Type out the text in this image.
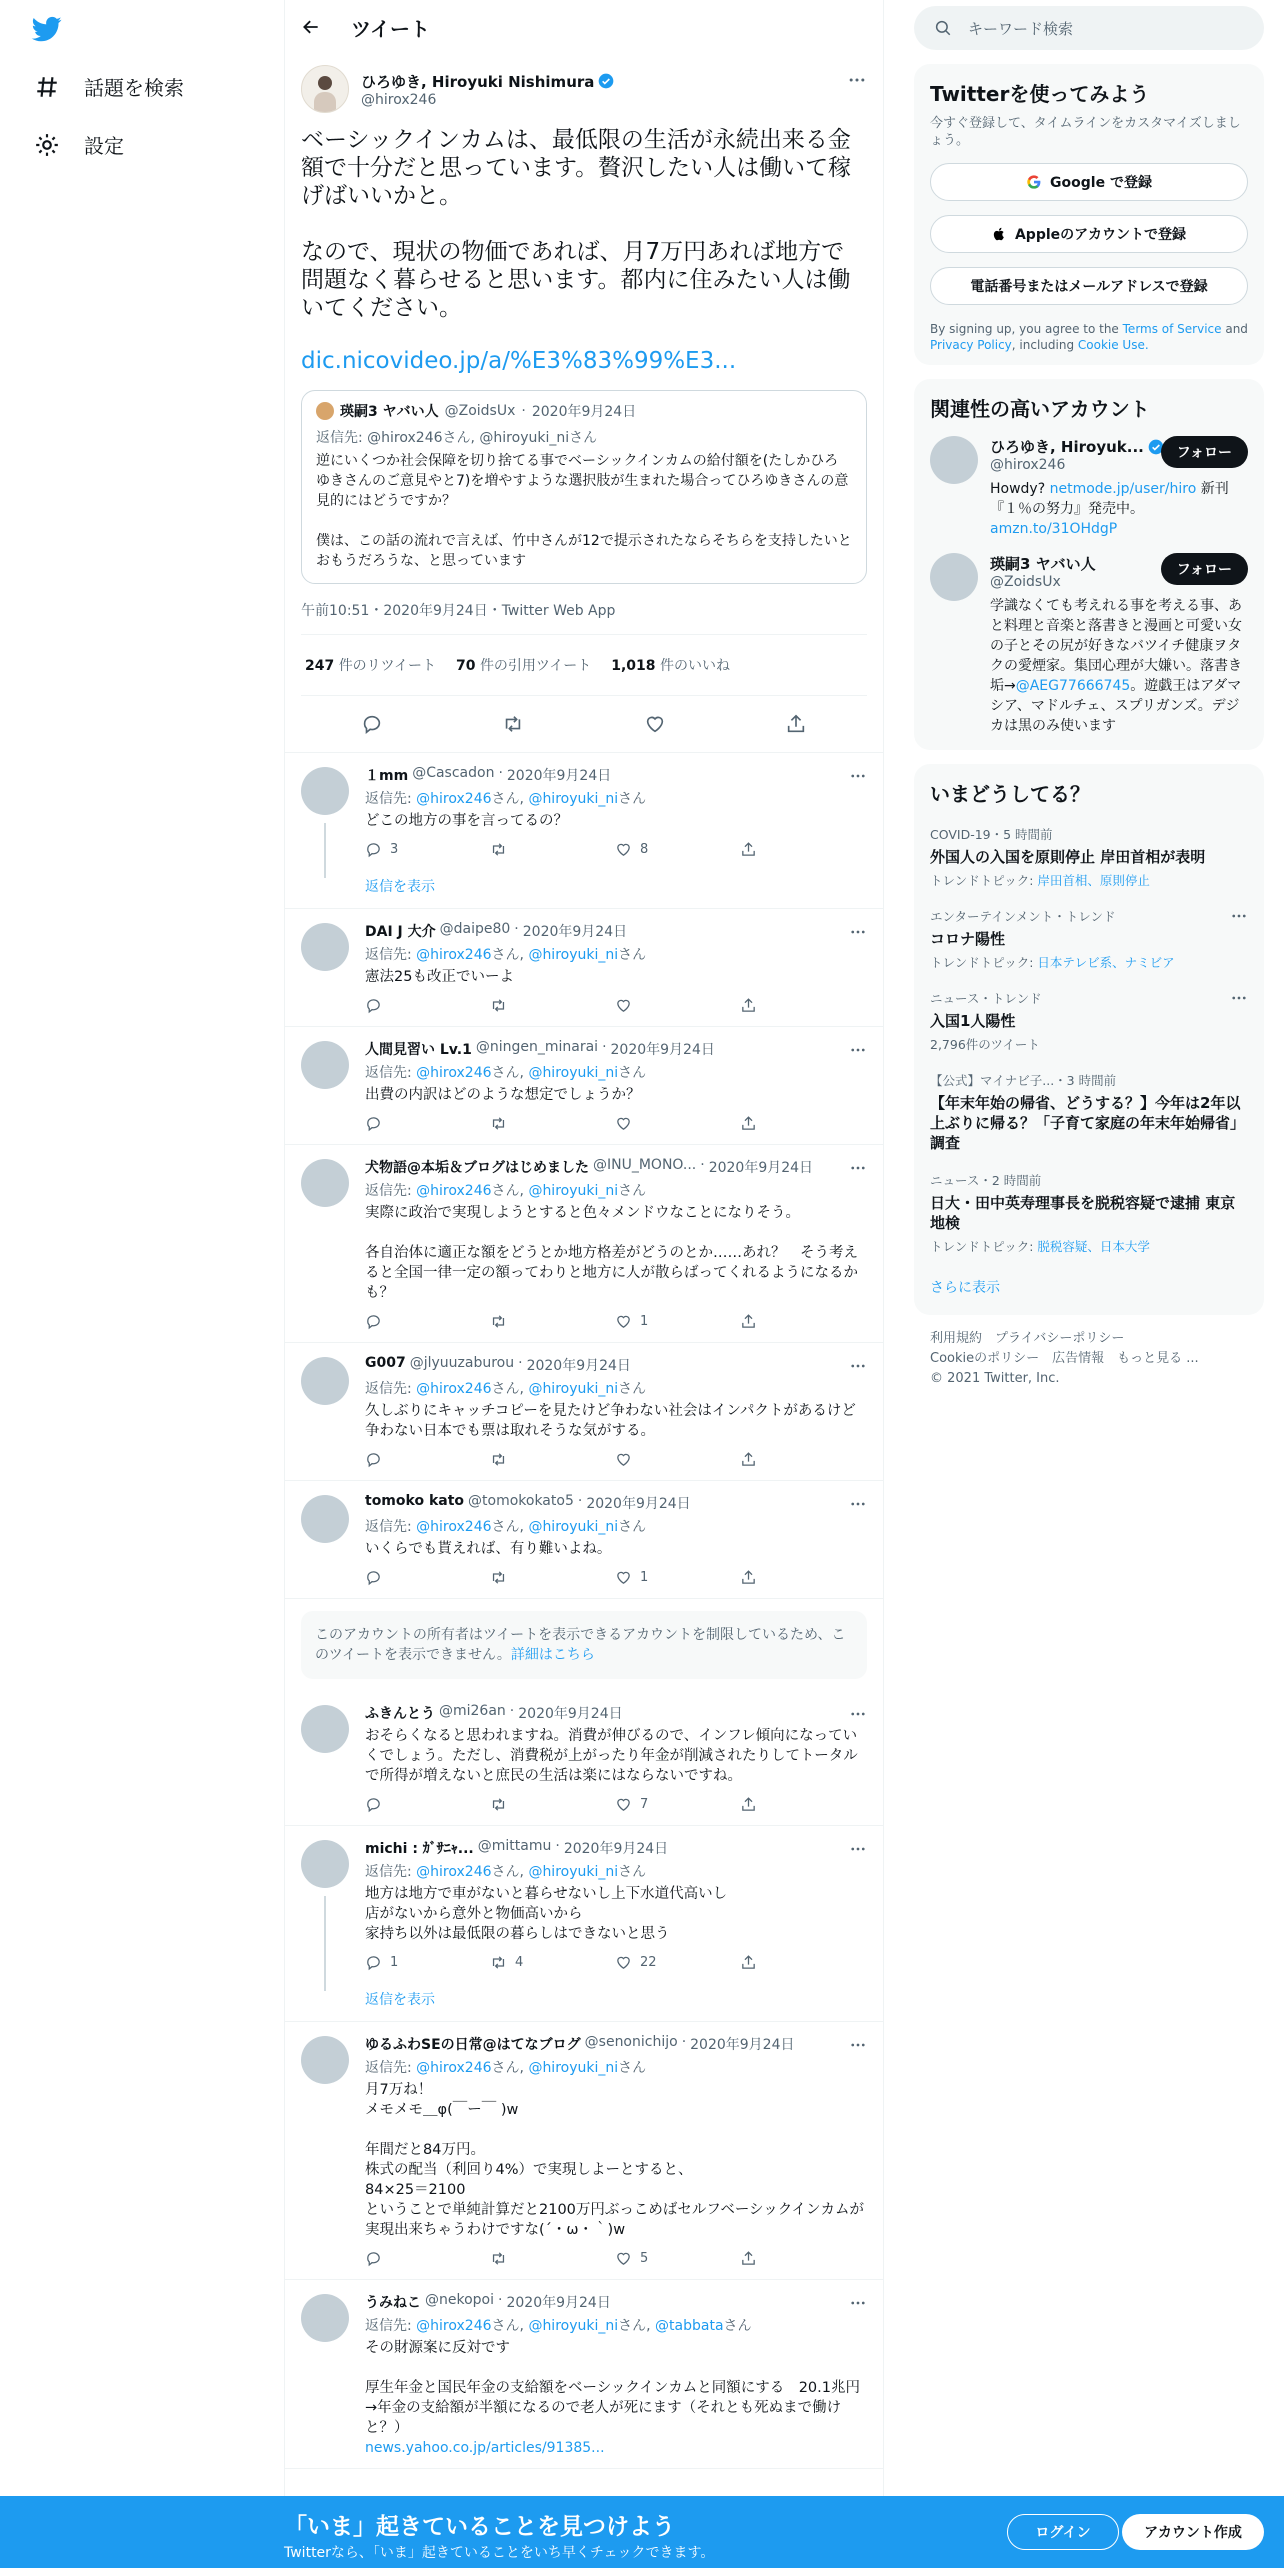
話題を検索
設定
ツイート
ひろゆき, Hiroyuki Nishimura
@hirox246
ベーシックインカムは、最低限の生活が永続出来る金額で十分だと思っています。贅沢したい人は働いて稼げばいいかと。

なので、現状の物価であれば、月7万円あれば地方で問題なく暮らせると思います。都内に住みたい人は働いてください。
dic.nicovideo.jp/a/%E3%83%99%E3...
瑛嗣3 ヤバい人 @ZoidsUx · 2020年9月24日
返信先: @hirox246さん, @hiroyuki_niさん
逆にいくつか社会保障を切り捨てる事でベーシックインカムの給付額を(たしかひろゆきさんのご意見やと7)を増やすような選択肢が生まれた場合ってひろゆきさんの意見的にはどうですか？

僕は、この話の流れで言えば、竹中さんが12で提示されたならそちらを支持したいとおもうだろうな、と思っています
午前10:51・2020年9月24日・Twitter Web App
247 件のリツイート 70 件の引用ツイート 1,018 件のいいね
１mm @Cascadon · 2020年9月24日
返信先: @hirox246さん, @hiroyuki_niさん
どこの地方の事を言ってるの？
3	8
返信を表示
DAI J 大介 @daipe80 · 2020年9月24日
返信先: @hirox246さん, @hiroyuki_niさん
憲法25も改正でいーよ
人間見習い Lv.1 @ningen_minarai · 2020年9月24日
返信先: @hirox246さん, @hiroyuki_niさん
出費の内訳はどのような想定でしょうか？
犬物語@本垢＆ブログはじめました @INU_MONO... · 2020年9月24日
返信先: @hirox246さん, @hiroyuki_niさん
実際に政治で実現しようとすると色々メンドウなことになりそう。

各自治体に適正な額をどうとか地方格差がどうのとか……あれ？　そう考えると全国一律一定の額ってわりと地方に人が散らばってくれるようになるかも？
1
G007 @jlyuuzaburou · 2020年9月24日
返信先: @hirox246さん, @hiroyuki_niさん
久しぶりにキャッチコピーを見たけど争わない社会はインパクトがあるけど争わない日本でも票は取れそうな気がする。
tomoko kato @tomokokato5 · 2020年9月24日
返信先: @hirox246さん, @hiroyuki_niさん
いくらでも貰えれば、有り難いよね。
1
このアカウントの所有者はツイートを表示できるアカウントを制限しているため、このツイートを表示できません。詳細はこちら
ふきんとう @mi26an · 2020年9月24日
おそらくなると思われますね。消費が伸びるので、インフレ傾向になっていくでしょう。ただし、消費税が上がったり年金が削減されたりしてトータルで所得が増えないと庶民の生活は楽にはならないですね。
7
michi : ｶﾞｻﾆｬ... @mittamu · 2020年9月24日
返信先: @hirox246さん, @hiroyuki_niさん
地方は地方で車がないと暮らせないし上下水道代高いし
店がないから意外と物価高いから
家持ち以外は最低限の暮らしはできないと思う
1	4	22
返信を表示
ゆるふわSEの日常@はてなブログ @senonichijo · 2020年9月24日
返信先: @hirox246さん, @hiroyuki_niさん
月7万ね！
メモメモ＿φ(￣ー￣ )w

年間だと84万円。
株式の配当（利回り4%）で実現しよーとすると、
84×25＝2100
ということで単純計算だと2100万円ぶっこめばセルフベーシックインカムが実現出来ちゃうわけですな(´・ω・｀)w
5
うみねこ @nekopoi · 2020年9月24日
返信先: @hirox246さん, @hiroyuki_niさん, @tabbataさん
その財源案に反対です

厚生年金と国民年金の支給額をベーシックインカムと同額にする　20.1兆円
→年金の支給額が半額になるので老人が死にます（それとも死ぬまで働けと？）
news.yahoo.co.jp/articles/91385...
キーワード検索
Twitterを使ってみよう
今すぐ登録して、タイムラインをカスタマイズしましょう。
Google で登録
Appleのアカウントで登録
電話番号またはメールアドレスで登録
By signing up, you agree to the Terms of Service and Privacy Policy, including Cookie Use.
関連性の高いアカウント
ひろゆき, Hiroyuk...
@hirox246
Howdy? netmode.jp/user/hiro 新刊『１％の努力』発売中。amzn.to/31OHdgP
フォロー
瑛嗣3 ヤバい人
@ZoidsUx
学識なくても考えれる事を考える事、あと料理と音楽と落書きと漫画と可愛い女の子とその尻が好きなバツイチ健康ヲタクの愛煙家。集団心理が大嫌い。落書き垢→@AEG77666745。遊戯王はアダマシア、マドルチェ、スプリガンズ。デジカは黒のみ使います
フォロー
いまどうしてる？
COVID-19・5 時間前
外国人の入国を原則停止 岸田首相が表明
トレンドトピック: 岸田首相、原則停止
エンターテインメント・トレンド
コロナ陽性
トレンドトピック: 日本テレビ系、ナミビア
ニュース・トレンド
入国1人陽性
2,796件のツイート
【公式】マイナビ子...・3 時間前
【年末年始の帰省、どうする？】今年は2年以上ぶりに帰る？「子育て家庭の年末年始帰省」調査
ニュース・2 時間前
日大・田中英寿理事長を脱税容疑で逮捕 東京地検
トレンドトピック: 脱税容疑、日本大学
さらに表示
利用規約　プライバシーポリシー
Cookieのポリシー　広告情報　もっと見る ...
© 2021 Twitter, Inc.
「いま」起きていることを見つけよう
Twitterなら、「いま」起きていることをいち早くチェックできます。
ログイン	アカウント作成
